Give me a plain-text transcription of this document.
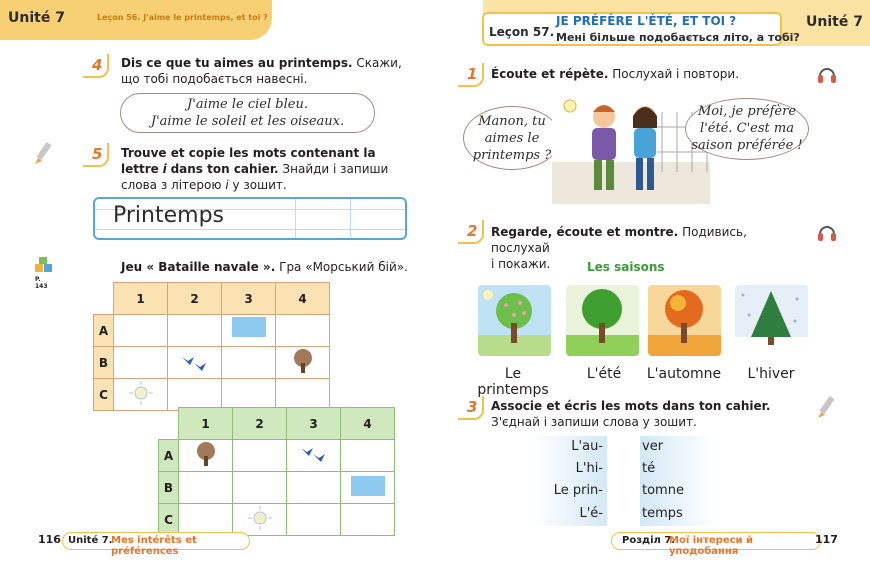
Unité 7	Leçon 56. J'aime le printemps, et toi ?
4 Dis ce que tu aimes au printemps. Скажи, що тобі подобається навесні.
J'aime le ciel bleu.
J'aime le soleil et les oiseaux.
5 Trouve et copie les mots contenant la lettre i dans ton cahier. Знайди і запиши слова з літерою i у зошит.
Printemps
P. 143
Jeu « Bataille navale ». Гра «Морський бій».
	1	2	3	4
A				
B				
C				
	1	2	3	4
A				
B				
C				
116 Unité 7.
Mes intérêts et préférences
Leçon 57.
JE PRÉFÈRE L'ÉTÉ, ET TOI ?
Мені більше подобається літо, а тобі?
Unité 7
1 Écoute et répète. Послухай і повтори.
Manon, tu
aimes le
printemps ?
Moi, je préfère
l'été. C'est ma
saison préférée !
2 Regarde, écoute et montre. Подивись, послухай
і покажи.	Les saisons
Le printemps
L'été	L'automne	L'hiver
3 Associe et écris les mots dans ton cahier.
З'єднай і запиши слова у зошит.
L'au-
L'hi-
Le prin-
L'é-
ver
té
tomne
temps
Розділ 7.
Мої інтереси й уподобання
117
